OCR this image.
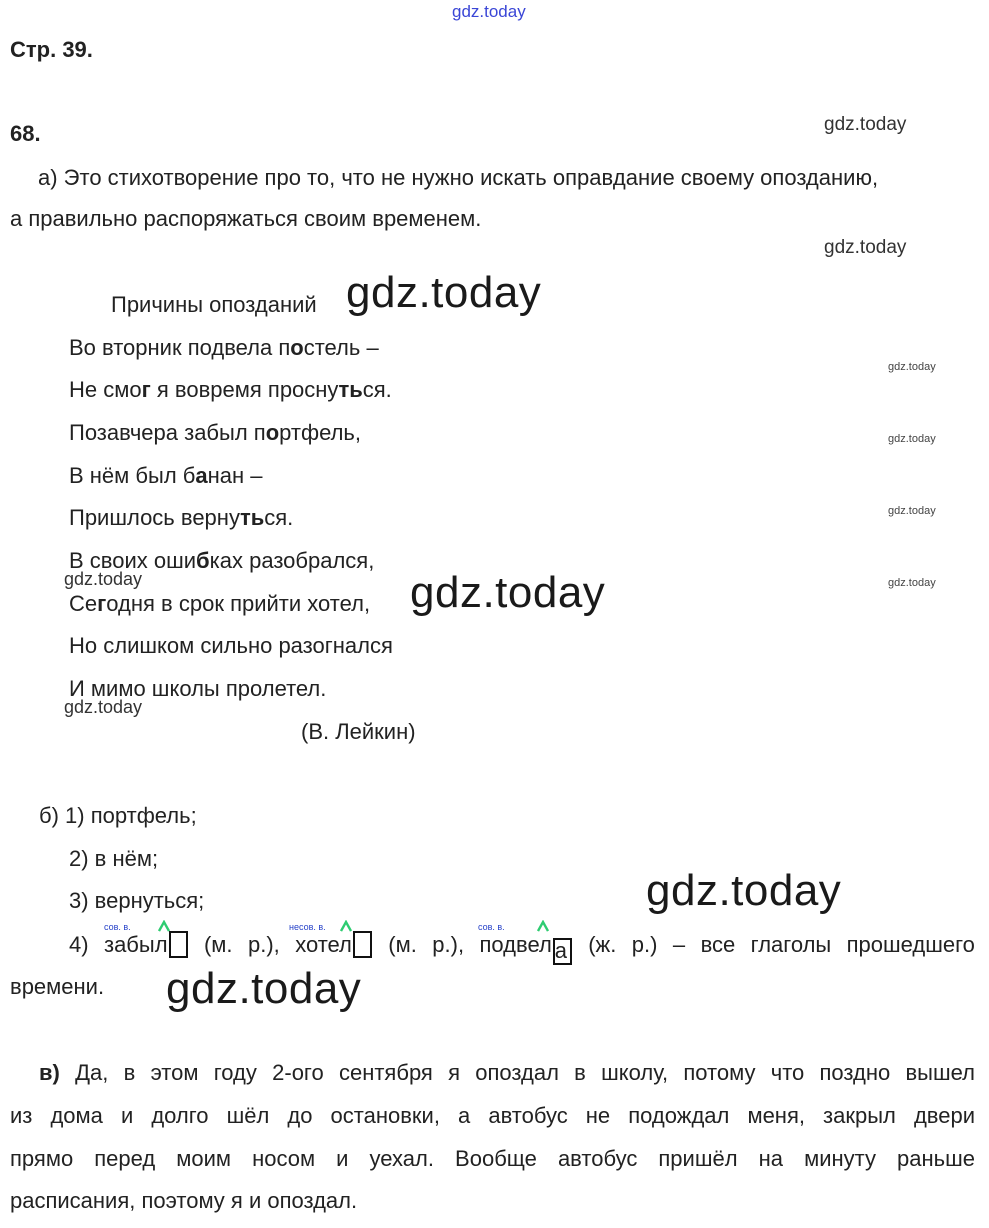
gdz.today
Стр. 39.
68.	gdz.today
а) Это стихотворение про то, что не нужно искать оправдание своему опозданию,
а правильно распоряжаться своим временем.
gdz.today
Причины опозданий gdz.today
Во вторник подвела постель –
gdz.today
Не смог я вовремя проснуться.
Позавчера забыл портфель,	gdz.today
В нём был банан –
Пришлось вернуться.	gdz.today
В своих ошибках разобрался,
gdz.today	gdz.today
Сегодня в срок прийти хотел, gdz.today
Но слишком сильно разогнался
И мимо школы пролетел.
gdz.today
(В. Лейкин)
б) 1) портфель;
2) в нём;
3) вернуться;	gdz.today
сов. в.	несов. в.	сов. в.
4) забыл (м. р.), хотел (м. р.), подвел а (ж. р.) – все глаголы прошедшего
времени. gdz.today
в) Да, в этом году 2-ого сентября я опоздал в школу, потому что поздно вышел
из дома и долго шёл до остановки, а автобус не подождал меня, закрыл двери
прямо перед моим носом и уехал. Вообще автобус пришёл на минуту раньше
расписания, поэтому я и опоздал.
